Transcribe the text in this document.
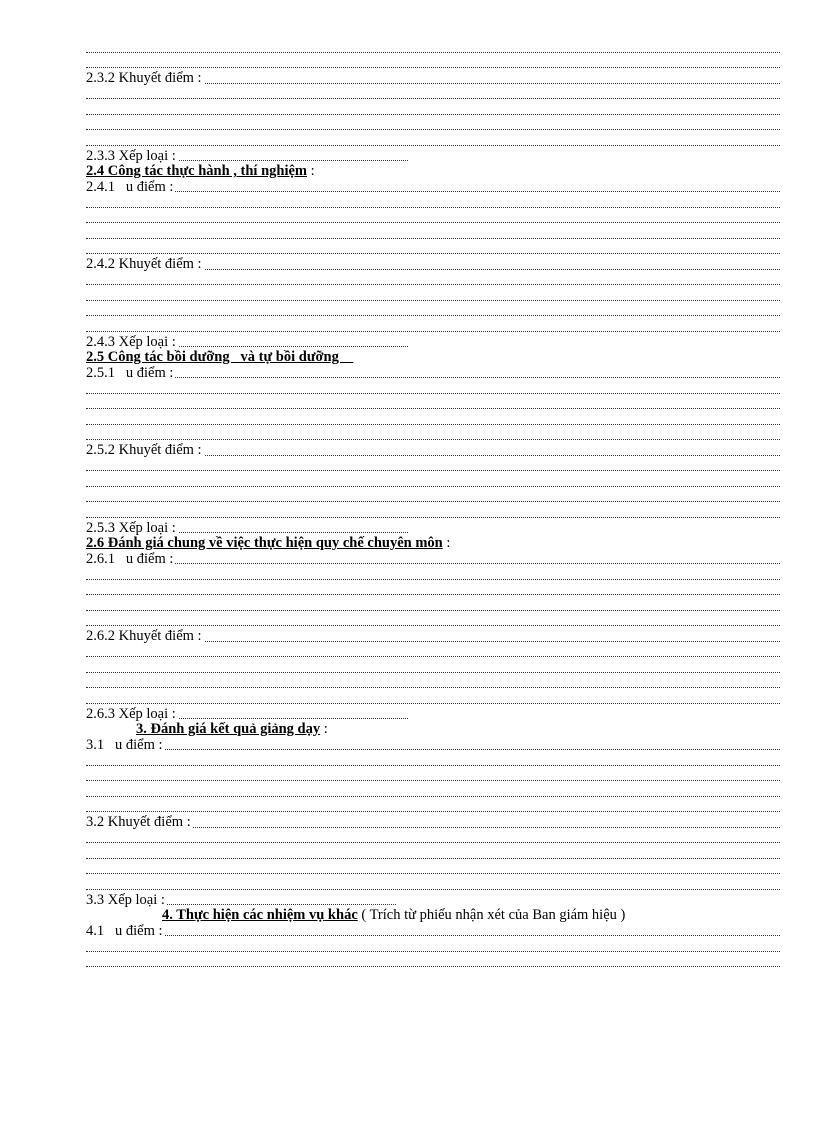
2.3.2 Khuyết điểm :
2.3.3 Xếp loại :
2.4 Công tác thực hành , thí nghiệm :
2.4.1   u điểm :
2.4.2 Khuyết điểm :
2.4.3 Xếp loại :
2.5 Công tác bồi dưỡng   và tự bồi dưỡng
2.5.1   u điểm :
2.5.2 Khuyết điểm :
2.5.3 Xếp loại :
2.6 Đánh giá chung về việc thực hiện quy chế chuyên môn :
2.6.1   u điểm :
2.6.2 Khuyết điểm :
2.6.3 Xếp loại :
3. Đánh giá kết quả giảng dạy :
3.1   u điểm :
3.2 Khuyết điểm :
3.3 Xếp loại :
4. Thực hiện các nhiệm vụ khác ( Trích từ phiếu nhận xét của Ban giám hiệu )
4.1   u điểm :
